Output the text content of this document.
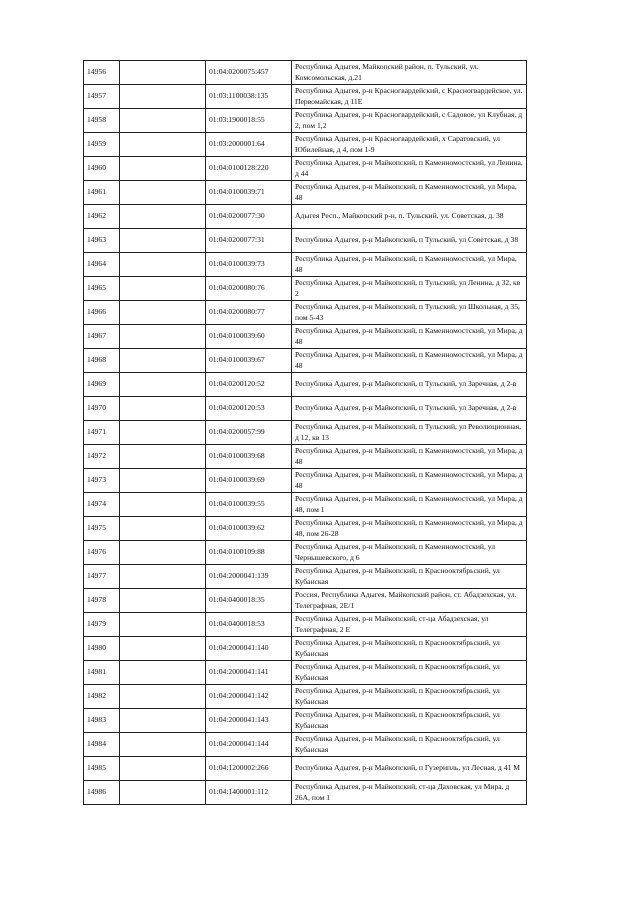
14956		01:04:0200075:457	Республика Адыгея, Майкопский район, п. Тульский, ул. Комсомольская, д.21
14957		01:03:1100038:135	Республика Адыгея, р-н Красногвардейский, с Красногвардейское, ул. Первомайская, д 11Е
14958		01:03:1900018:55	Республика Адыгея, р-н Красногвардейский, с Садовое, ул Клубная, д 2, пом 1,2
14959		01:03:2000001:64	Республика Адыгея, р-н Красногвардейский, х Саратовский, ул Юбилейная, д 4, пом 1-9
14960		01:04:0100128:220	Республика Адыгея, р-н Майкопский, п Каменномостский, ул Ленина, д 44
14961		01:04:0100039:71	Республика Адыгея, р-н Майкопский, п Каменномостский, ул Мира, 48
14962		01:04:0200077:30	Адыгея Респ., Майкопский р-н, п. Тульский, ул. Советская, д. 38
14963		01:04:0200077:31	Республика Адыгея, р-н Майкопский, п Тульский, ул Советская, д 38
14964		01:04:0100039:73	Республика Адыгея, р-н Майкопский, п Каменномостский, ул Мира, 48
14965		01:04:0200080:76	Республика Адыгея, р-н Майкопский, п Тульский, ул Ленина, д 32, кв 2
14966		01:04:0200080:77	Республика Адыгея, р-н Майкопский, п Тульский, ул Школьная, д 35, пом 5-43
14967		01:04:0100039:60	Республика Адыгея, р-н Майкопский, п Каменномостский, ул Мира, д 48
14968		01:04:0100039:67	Республика Адыгея, р-н Майкопский, п Каменномостский, ул Мира, д 48
14969		01:04:0200120:52	Республика Адыгея, р-н Майкопский, п Тульский, ул Заречная, д 2-в
14970		01:04:0200120:53	Республика Адыгея, р-н Майкопский, п Тульский, ул Заречная, д 2-в
14971		01:04:0200057:99	Республика Адыгея, р-н Майкопский, п Тульский, ул Революционная, д 12, кв 13
14972		01:04:0100039:68	Республика Адыгея, р-н Майкопский, п Каменномостский, ул Мира, д 48
14973		01:04:0100039:69	Республика Адыгея, р-н Майкопский, п Каменномостский, ул Мира, д 48
14974		01:04:0100039:55	Республика Адыгея, р-н Майкопский, п Каменномостский, ул Мира, д 48, пом 1
14975		01:04:0100039:62	Республика Адыгея, р-н Майкопский, п Каменномостский, ул Мира, д 48, пом 26-28
14976		01:04:0100109:88	Республика Адыгея, р-н Майкопский, п Каменномостский, ул Чернышевского, д 6
14977		01:04:2000041:139	Республика Адыгея, р-н Майкопский, п Краснооктябрьский, ул Кубанская
14978		01:04:0400018:35	Россия, Республика Адыгея, Майкопский район, ст. Абадзехская, ул. Телеграфная, 2Е/1
14979		01:04:0400018:53	Республика Адыгея, р-н Майкопский, ст-ца Абадзехская, ул Телеграфная, 2 Е
14980		01:04:2000041:140	Республика Адыгея, р-н Майкопский, п Краснооктябрьский, ул Кубанская
14981		01:04:2000041:141	Республика Адыгея, р-н Майкопский, п Краснооктябрьский, ул Кубанская
14982		01:04:2000041:142	Республика Адыгея, р-н Майкопский, п Краснооктябрьский, ул Кубанская
14983		01:04:2000041:143	Республика Адыгея, р-н Майкопский, п Краснооктябрьский, ул Кубанская
14984		01:04:2000041:144	Республика Адыгея, р-н Майкопский, п Краснооктябрьский, ул Кубанская
14985		01:04:1200002:266	Республика Адыгея, р-н Майкопский, п Гузерипль, ул Лесная, д 41 М
14986		01:04:1400001:112	Республика Адыгея, р-н Майкопский, ст-ца Даховская, ул Мира, д 26А, пом 1
